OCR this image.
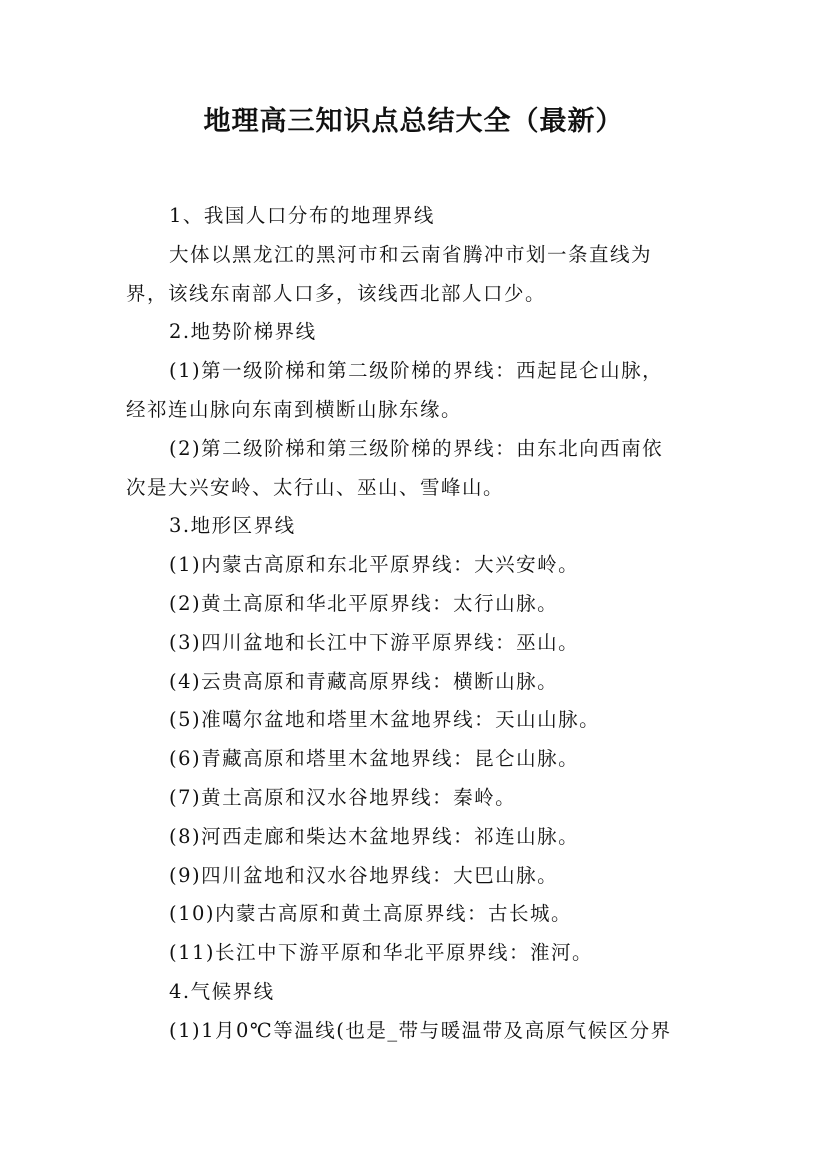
地理高三知识点总结大全（最新）
1、我国人口分布的地理界线
大体以黑龙江的黑河市和云南省腾冲市划一条直线为
界，该线东南部人口多，该线西北部人口少。
2.地势阶梯界线
(1)第一级阶梯和第二级阶梯的界线：西起昆仑山脉，
经祁连山脉向东南到横断山脉东缘。
(2)第二级阶梯和第三级阶梯的界线：由东北向西南依
次是大兴安岭、太行山、巫山、雪峰山。
3.地形区界线
(1)内蒙古高原和东北平原界线：大兴安岭。
(2)黄土高原和华北平原界线：太行山脉。
(3)四川盆地和长江中下游平原界线：巫山。
(4)云贵高原和青藏高原界线：横断山脉。
(5)准噶尔盆地和塔里木盆地界线：天山山脉。
(6)青藏高原和塔里木盆地界线：昆仑山脉。
(7)黄土高原和汉水谷地界线：秦岭。
(8)河西走廊和柴达木盆地界线：祁连山脉。
(9)四川盆地和汉水谷地界线：大巴山脉。
(10)内蒙古高原和黄土高原界线：古长城。
(11)长江中下游平原和华北平原界线：淮河。
4.气候界线
(1)1月0℃等温线(也是_带与暖温带及高原气候区分界
